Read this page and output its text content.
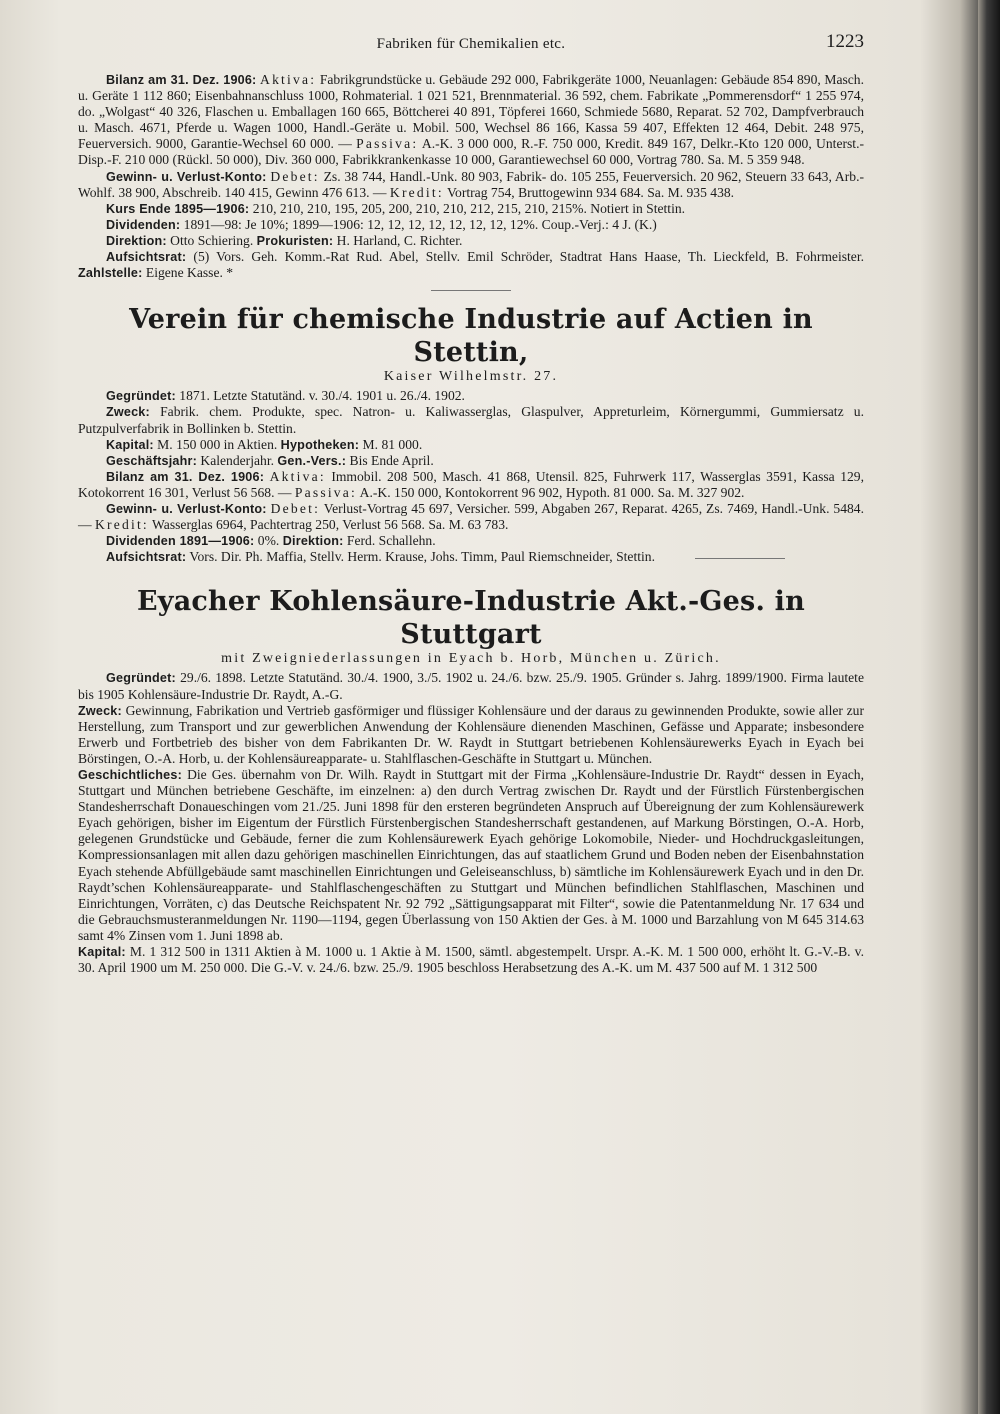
Fabriken für Chemikalien etc.	1223

Bilanz am 31. Dez. 1906: Aktiva: Fabrikgrundstücke u. Gebäude 292 000, Fabrikgeräte 1000, Neuanlagen: Gebäude 854 890, Masch. u. Geräte 1 112 860; Eisenbahnanschluss 1000, Rohmaterial. 1 021 521, Brennmaterial. 36 592, chem. Fabrikate „Pommerensdorf“ 1 255 974, do. „Wolgast“ 40 326, Flaschen u. Emballagen 160 665, Böttcherei 40 891, Töpferei 1660, Schmiede 5680, Reparat. 52 702, Dampfverbrauch u. Masch. 4671, Pferde u. Wagen 1000, Handl.-Geräte u. Mobil. 500, Wechsel 86 166, Kassa 59 407, Effekten 12 464, Debit. 248 975, Feuerversich. 9000, Garantie-Wechsel 60 000. — Passiva: A.-K. 3 000 000, R.-F. 750 000, Kredit. 849 167, Delkr.-Kto 120 000, Unterst.-Disp.-F. 210 000 (Rückl. 50 000), Div. 360 000, Fabrikkrankenkasse 10 000, Garantiewechsel 60 000, Vortrag 780. Sa. M. 5 359 948.

Gewinn- u. Verlust-Konto: Debet: Zs. 38 744, Handl.-Unk. 80 903, Fabrik- do. 105 255, Feuerversich. 20 962, Steuern 33 643, Arb.-Wohlf. 38 900, Abschreib. 140 415, Gewinn 476 613. — Kredit: Vortrag 754, Bruttogewinn 934 684. Sa. M. 935 438.

Kurs Ende 1895—1906: 210, 210, 210, 195, 205, 200, 210, 210, 212, 215, 210, 215%. Notiert in Stettin.

Dividenden: 1891—98: Je 10%; 1899—1906: 12, 12, 12, 12, 12, 12, 12, 12%. Coup.-Verj.: 4 J. (K.)

Direktion: Otto Schiering. Prokuristen: H. Harland, C. Richter.

Aufsichtsrat: (5) Vors. Geh. Komm.-Rat Rud. Abel, Stellv. Emil Schröder, Stadtrat Hans Haase, Th. Lieckfeld, B. Fohrmeister. Zahlstelle: Eigene Kasse. *

Verein für chemische Industrie auf Actien in Stettin,
Kaiser Wilhelmstr. 27.

Gegründet: 1871. Letzte Statutänd. v. 30./4. 1901 u. 26./4. 1902.

Zweck: Fabrik. chem. Produkte, spec. Natron- u. Kaliwasserglas, Glaspulver, Appreturleim, Körnergummi, Gummiersatz u. Putzpulverfabrik in Bollinken b. Stettin.

Kapital: M. 150 000 in Aktien. Hypotheken: M. 81 000.

Geschäftsjahr: Kalenderjahr. Gen.-Vers.: Bis Ende April.

Bilanz am 31. Dez. 1906: Aktiva: Immobil. 208 500, Masch. 41 868, Utensil. 825, Fuhrwerk 117, Wasserglas 3591, Kassa 129, Kotokorrent 16 301, Verlust 56 568. — Passiva: A.-K. 150 000, Kontokorrent 96 902, Hypoth. 81 000. Sa. M. 327 902.

Gewinn- u. Verlust-Konto: Debet: Verlust-Vortrag 45 697, Versicher. 599, Abgaben 267, Reparat. 4265, Zs. 7469, Handl.-Unk. 5484. — Kredit: Wasserglas 6964, Pachtertrag 250, Verlust 56 568. Sa. M. 63 783.

Dividenden 1891—1906: 0%. Direktion: Ferd. Schallehn.

Aufsichtsrat: Vors. Dir. Ph. Maffia, Stellv. Herm. Krause, Johs. Timm, Paul Riemschneider, Stettin.

Eyacher Kohlensäure-Industrie Akt.-Ges. in Stuttgart
mit Zweigniederlassungen in Eyach b. Horb, München u. Zürich.

Gegründet: 29./6. 1898. Letzte Statutänd. 30./4. 1900, 3./5. 1902 u. 24./6. bzw. 25./9. 1905. Gründer s. Jahrg. 1899/1900. Firma lautete bis 1905 Kohlensäure-Industrie Dr. Raydt, A.-G.

Zweck: Gewinnung, Fabrikation und Vertrieb gasförmiger und flüssiger Kohlensäure und der daraus zu gewinnenden Produkte, sowie aller zur Herstellung, zum Transport und zur gewerblichen Anwendung der Kohlensäure dienenden Maschinen, Gefässe und Apparate; insbesondere Erwerb und Fortbetrieb des bisher von dem Fabrikanten Dr. W. Raydt in Stuttgart betriebenen Kohlensäurewerks Eyach in Eyach bei Börstingen, O.-A. Horb, u. der Kohlensäureapparate- u. Stahlflaschen-Geschäfte in Stuttgart u. München.

Geschichtliches: Die Ges. übernahm von Dr. Wilh. Raydt in Stuttgart mit der Firma „Kohlensäure-Industrie Dr. Raydt“ dessen in Eyach, Stuttgart und München betriebene Geschäfte, im einzelnen: a) den durch Vertrag zwischen Dr. Raydt und der Fürstlich Fürstenbergischen Standesherrschaft Donaueschingen vom 21./25. Juni 1898 für den ersteren begründeten Anspruch auf Übereignung der zum Kohlensäurewerk Eyach gehörigen, bisher im Eigentum der Fürstlich Fürstenbergischen Standesherrschaft gestandenen, auf Markung Börstingen, O.-A. Horb, gelegenen Grundstücke und Gebäude, ferner die zum Kohlensäurewerk Eyach gehörige Lokomobile, Nieder- und Hochdruckgasleitungen, Kompressionsanlagen mit allen dazu gehörigen maschinellen Einrichtungen, das auf staatlichem Grund und Boden neben der Eisenbahnstation Eyach stehende Abfüllgebäude samt maschinellen Einrichtungen und Geleiseanschluss, b) sämtliche im Kohlensäurewerk Eyach und in den Dr. Raydt’schen Kohlensäureapparate- und Stahlflaschengeschäften zu Stuttgart und München befindlichen Stahlflaschen, Maschinen und Einrichtungen, Vorräten, c) das Deutsche Reichspatent Nr. 92 792 „Sättigungsapparat mit Filter“, sowie die Patentanmeldung Nr. 17 634 und die Gebrauchsmusteranmeldungen Nr. 1190—1194, gegen Überlassung von 150 Aktien der Ges. à M. 1000 und Barzahlung von M 645 314.63 samt 4% Zinsen vom 1. Juni 1898 ab.

Kapital: M. 1 312 500 in 1311 Aktien à M. 1000 u. 1 Aktie à M. 1500, sämtl. abgestempelt. Urspr. A.-K. M. 1 500 000, erhöht lt. G.-V.-B. v. 30. April 1900 um M. 250 000. Die G.-V. v. 24./6. bzw. 25./9. 1905 beschloss Herabsetzung des A.-K. um M. 437 500 auf M. 1 312 500
